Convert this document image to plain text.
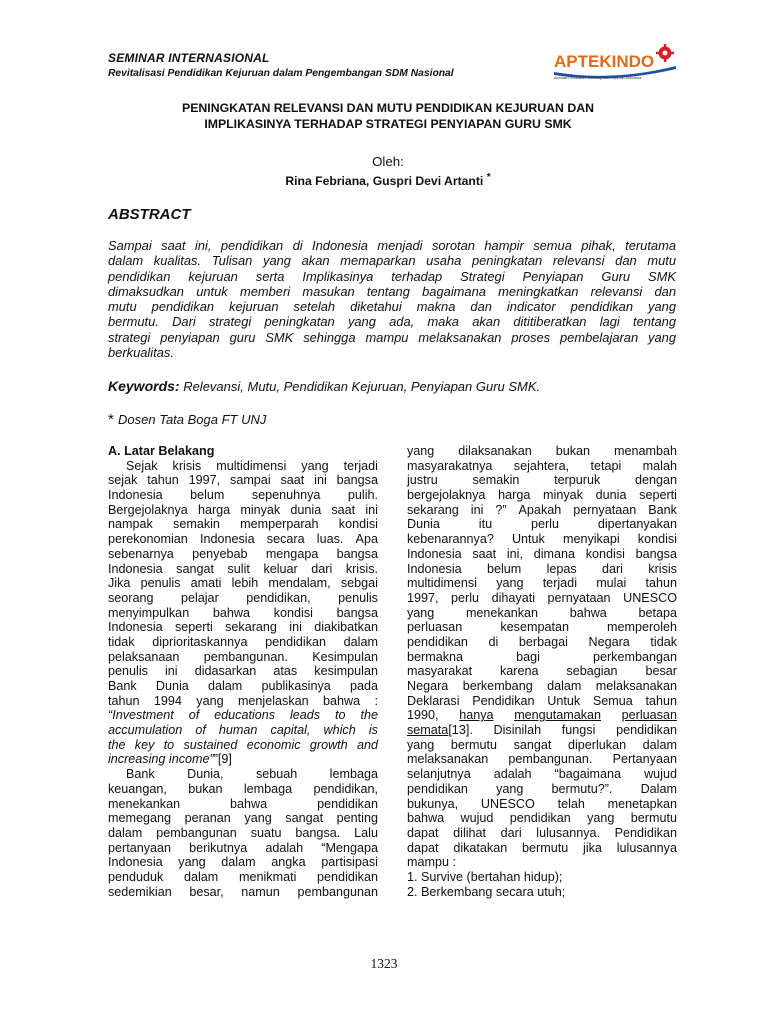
SEMINAR INTERNASIONAL
Revitalisasi Pendidikan Kejuruan dalam Pengembangan SDM Nasional
APTEKINDO
Asosiasi Pendidikan Teknologi dan Kejuruan Indonesia
PENINGKATAN RELEVANSI DAN MUTU PENDIDIKAN KEJURUAN DAN
IMPLIKASINYA TERHADAP STRATEGI PENYIAPAN GURU SMK
Oleh:
Rina Febriana, Guspri Devi Artanti *
ABSTRACT
Sampai saat ini, pendidikan di Indonesia menjadi sorotan hampir semua pihak, terutama
dalam kualitas. Tulisan yang akan memaparkan usaha peningkatan relevansi dan mutu
pendidikan kejuruan serta Implikasinya terhadap Strategi Penyiapan Guru SMK
dimaksudkan untuk memberi masukan tentang bagaimana meningkatkan relevansi dan
mutu pendidikan kejuruan setelah diketahui makna dan indicator pendidikan yang
bermutu. Dari strategi peningkatan yang ada, maka akan dititiberatkan lagi tentang
strategi penyiapan guru SMK sehingga mampu melaksanakan proses pembelajaran yang
berkualitas.
Keywords: Relevansi, Mutu, Pendidikan Kejuruan, Penyiapan Guru SMK.
* Dosen Tata Boga FT UNJ
A. Latar Belakang
Sejak krisis multidimensi yang terjadi
sejak tahun 1997, sampai saat ini bangsa
Indonesia belum sepenuhnya pulih.
Bergejolaknya harga minyak dunia saat ini
nampak semakin memperparah kondisi
perekonomian Indonesia secara luas. Apa
sebenarnya penyebab mengapa bangsa
Indonesia sangat sulit keluar dari krisis.
Jika penulis amati lebih mendalam, sebgai
seorang pelajar pendidikan, penulis
menyimpulkan bahwa kondisi bangsa
Indonesia seperti sekarang ini diakibatkan
tidak diprioritaskannya pendidikan dalam
pelaksanaan pembangunan. Kesimpulan
penulis ini didasarkan atas kesimpulan
Bank Dunia dalam publikasinya pada
tahun 1994 yang menjelaskan bahwa :
“Investment of educations leads to the
accumulation of human capital, which is
the key to sustained economic growth and
increasing income””[9]
Bank	Dunia,	sebuah	lembaga
keuangan, bukan lembaga pendidikan,
menekankan	bahwa	pendidikan
memegang peranan yang sangat penting
dalam pembangunan suatu bangsa. Lalu
pertanyaan berikutnya adalah “Mengapa
Indonesia yang dalam angka partisipasi
penduduk dalam menikmati pendidikan
sedemikian besar, namun pembangunan
yang dilaksanakan bukan menambah
masyarakatnya sejahtera, tetapi malah
justru	semakin	terpuruk	dengan
bergejolaknya harga minyak dunia seperti
sekarang ini ?” Apakah pernyataan Bank
Dunia	itu	perlu	dipertanyakan
kebenarannya? Untuk menyikapi kondisi
Indonesia saat ini, dimana kondisi bangsa
Indonesia belum lepas dari krisis
multidimensi yang terjadi mulai tahun
1997, perlu dihayati pernyataan UNESCO
yang	menekankan	bahwa	betapa
perluasan	kesempatan	memperoleh
pendidikan di berbagai Negara tidak
bermakna	bagi	perkembangan
masyarakat karena sebagian besar
Negara berkembang dalam melaksanakan
Deklarasi Pendidikan Untuk Semua tahun
1990, hanya mengutamakan perluasan
semata[13]. Disinilah fungsi pendidikan
yang bermutu sangat diperlukan dalam
melaksanakan pembangunan. Pertanyaan
selanjutnya adalah “bagaimana wujud
pendidikan yang bermutu?”. Dalam
bukunya, UNESCO telah menetapkan
bahwa wujud pendidikan yang bermutu
dapat dilihat dari lulusannya. Pendidikan
dapat dikatakan bermutu jika lulusannya
mampu :
1. Survive (bertahan hidup);
2. Berkembang secara utuh;
1323
